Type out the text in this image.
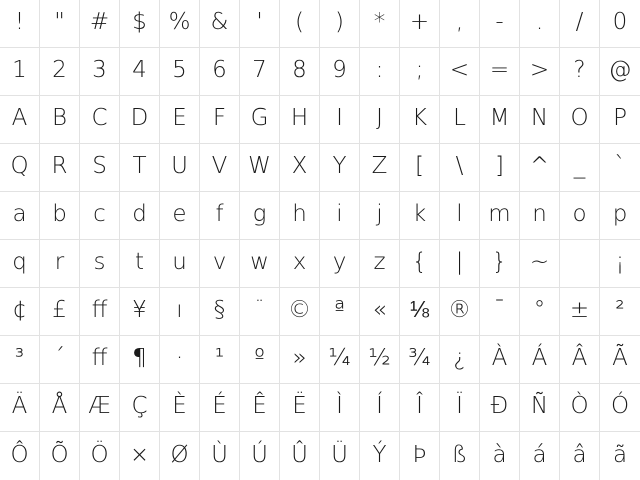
! " # $ % & ' ( ) * + , - . / 0
1 2 3 4 5 6 7 8 9 : ; < = > ? @
A B C D E F G H I J K L M N O P
Q R S T U V W X Y Z [ \ ] ^ _ `
a b c d e f g h i j k l m n o p
q r s t u v w x y z { | } ~	¡
¢ £ ff ¥ ı § ¨ © ª « ⅛ ® ¯ ° ± ²
³ ´ ﬀ ¶ · ¹ º » ¼ ½ ¾ ¿ À Á Â Ã
Ä Å Æ Ç È É Ê Ë Ì Í Î Ï Ð Ñ Ò Ó
Ô Õ Ö × Ø Ù Ú Û Ü Ý Þ ß à á â ã
